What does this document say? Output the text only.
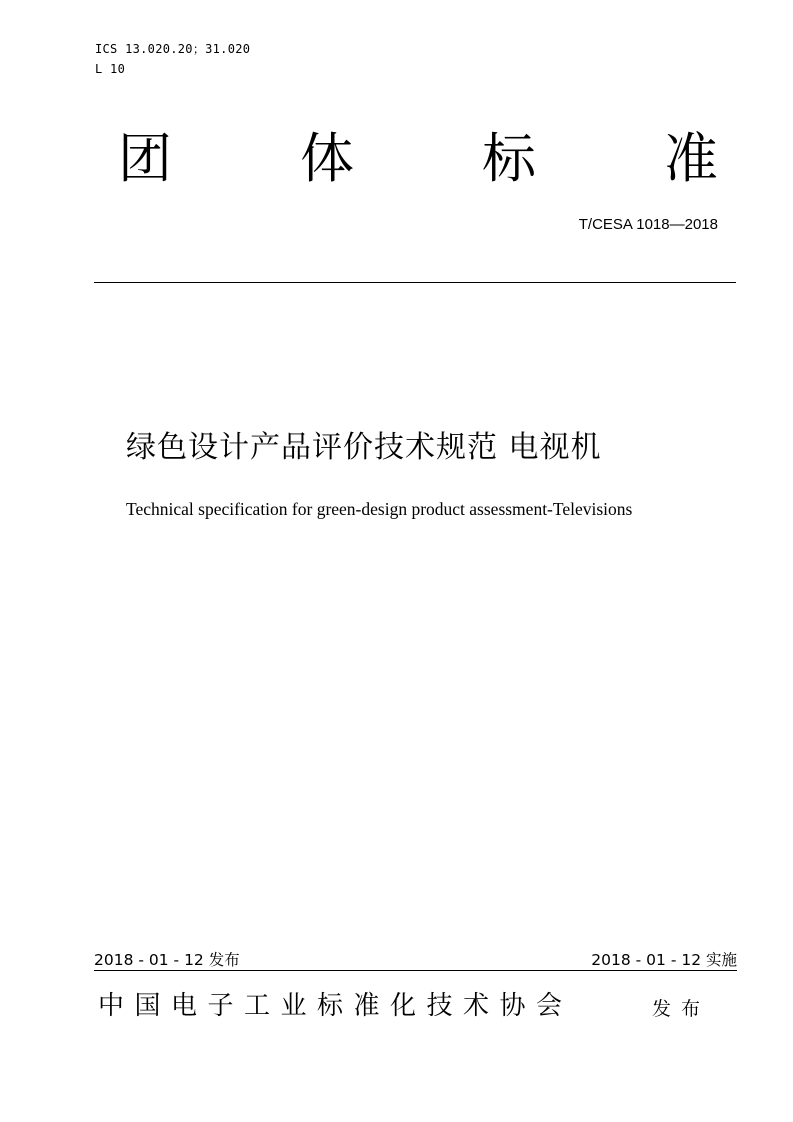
ICS 13.020.20；31.020
L 10
团 体 标 准
T/CESA 1018—2018
绿色设计产品评价技术规范 电视机
Technical specification for green-design product assessment-Televisions
2018 - 01 - 12 发布	2018 - 01 - 12 实施
中国电子工业标准化技术协会	发布
